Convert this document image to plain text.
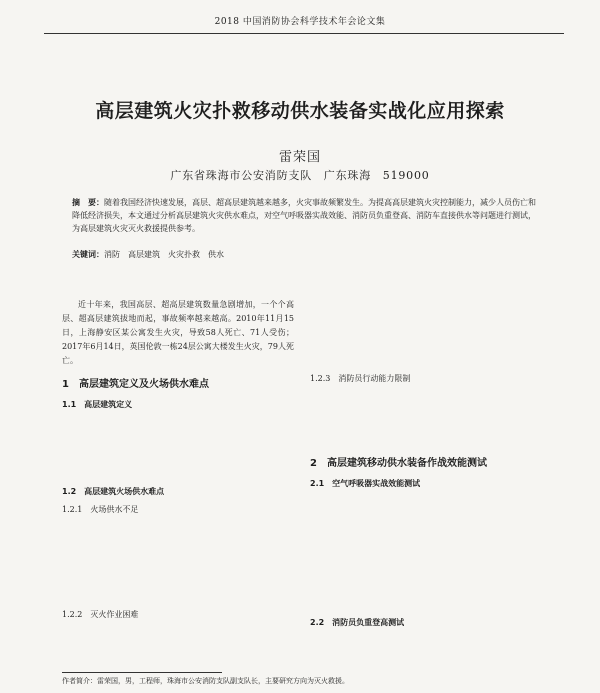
2018 中国消防协会科学技术年会论文集
高层建筑火灾扑救移动供水装备实战化应用探索
雷荣国
广东省珠海市公安消防支队　广东珠海　519000
摘　要：随着我国经济快速发展，高层、超高层建筑越来越多，火灾事故频繁发生。为提高高层建筑火灾控制能力，减少人员伤亡和降低经济损失，本文通过分析高层建筑火灾供水难点，对空气呼吸器实战效能、消防员负重登高、消防车直接供水等问题进行测试，为高层建筑火灾灭火救援提供参考。
关键词：消防　高层建筑　火灾扑救　供水

近十年来，我国高层、超高层建筑数量急剧增加，一个个高层、超高层建筑拔地而起，事故频率越来越高。2010年11月15日，上海静安区某公寓发生火灾，导致58人死亡、71人受伤；2017年6月14日，英国伦敦一栋24层公寓大楼发生火灾，79人死亡。

1　高层建筑定义及火场供水难点
1.1　高层建筑定义
1.2　高层建筑火场供水难点
1.2.1　火场供水不足
1.2.2　灭火作业困难
1.2.3　消防员行动能力限制
2　高层建筑移动供水装备作战效能测试
2.1　空气呼吸器实战效能测试
2.2　消防员负重登高测试
作者简介：雷荣国，男，工程师，珠海市公安消防支队副支队长，主要研究方向为灭火救援。
